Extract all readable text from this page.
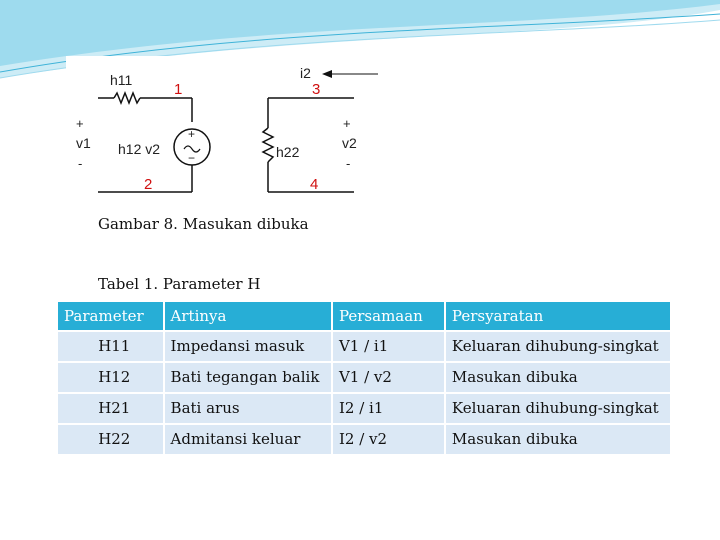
h11
1
i2
3
+
v1
-
+
−
h12 v2	h22
+
v2
-
2	4
Gambar 8. Masukan dibuka
Tabel 1. Parameter H
Parameter	Artinya	Persamaan	Persyaratan
H11	Impedansi masuk	V1 / i1	Keluaran dihubung-singkat
H12	Bati tegangan balik	V1 / v2	Masukan dibuka
H21	Bati arus	I2 / i1	Keluaran dihubung-singkat
H22	Admitansi keluar	I2 / v2	Masukan dibuka
